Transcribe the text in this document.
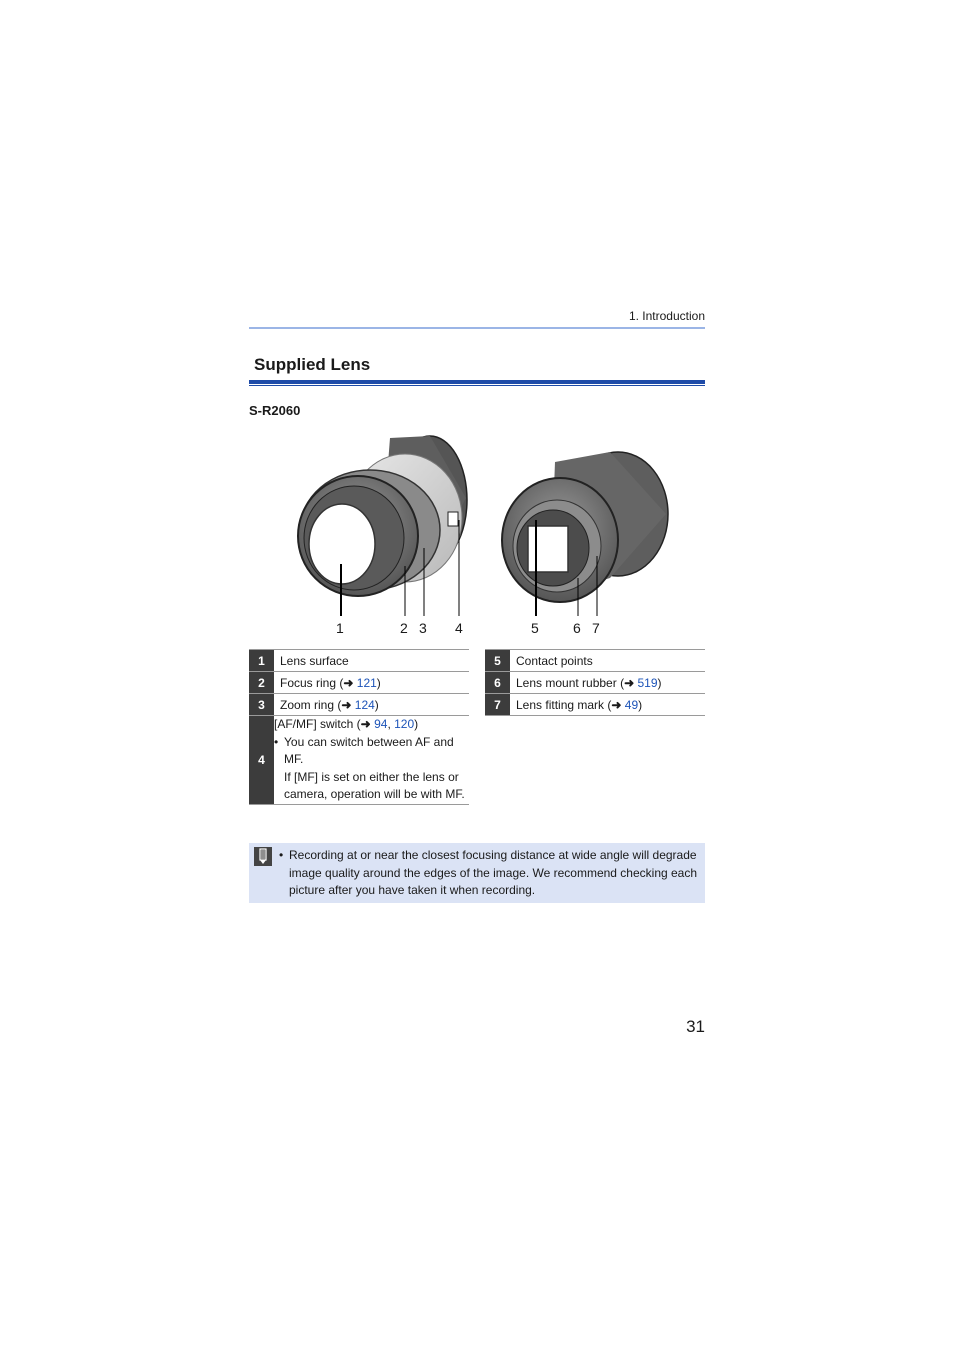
1. Introduction
Supplied Lens
S-R2060
1	2 3 4	5 6 7
1	Lens surface
2	Focus ring (➜ 121)
3	Zoom ring (➜ 124)
4	[AF/MF] switch (➜ 94, 120)
• You can switch between AF and MF.
If [MF] is set on either the lens or camera, operation will be with MF.
5	Contact points
6	Lens mount rubber (➜ 519)
7	Lens fitting mark (➜ 49)
• Recording at or near the closest focusing distance at wide angle will degrade image quality around the edges of the image. We recommend checking each picture after you have taken it when recording.
31
